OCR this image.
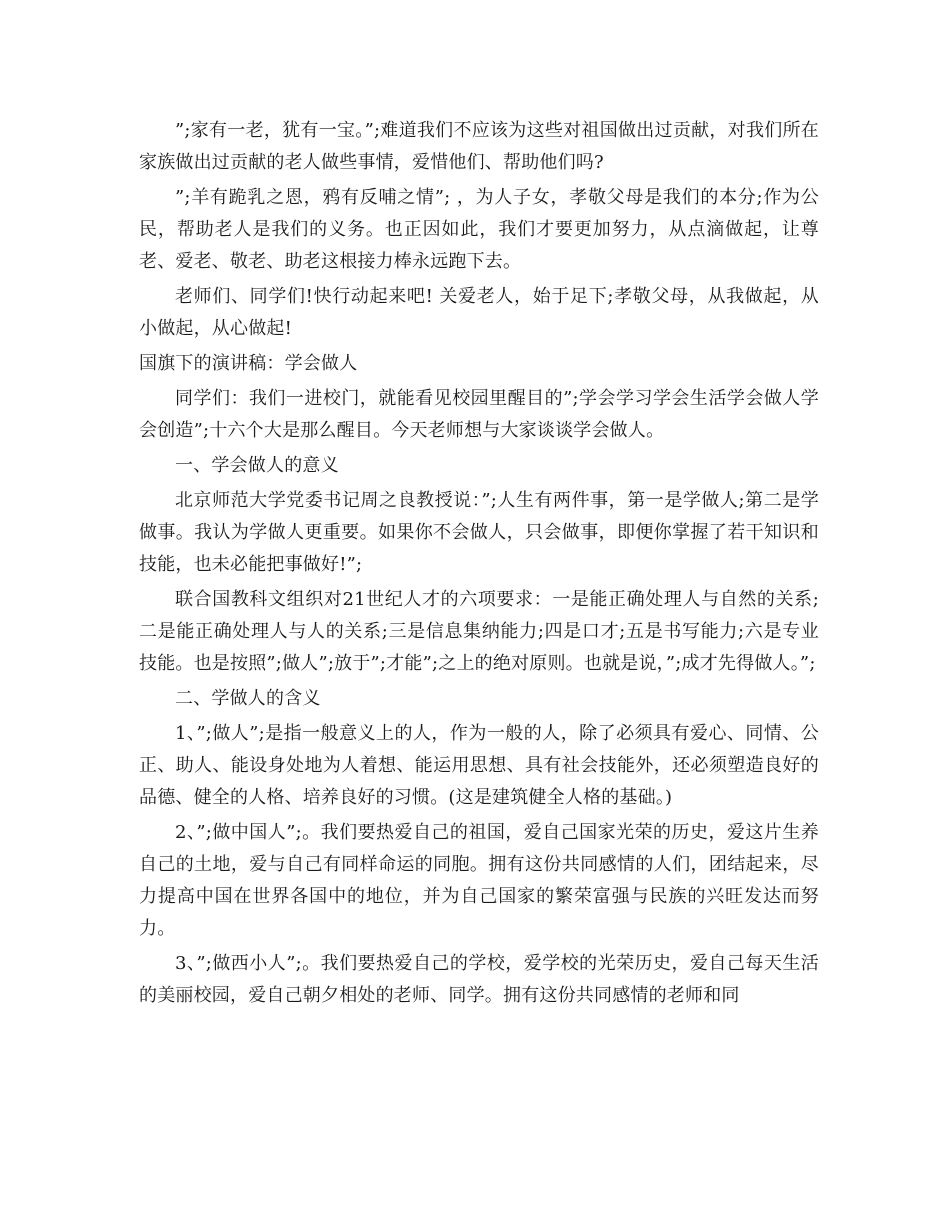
”;家有一老，犹有一宝。”;难道我们不应该为这些对祖国做出过贡献，对我们所在家族做出过贡献的老人做些事情，爱惜他们、帮助他们吗?

”;羊有跪乳之恩，鸦有反哺之情”; ，为人子女，孝敬父母是我们的本分;作为公民，帮助老人是我们的义务。也正因如此，我们才要更加努力，从点滴做起，让尊老、爱老、敬老、助老这根接力棒永远跑下去。

老师们、同学们!快行动起来吧! 关爱老人，始于足下;孝敬父母，从我做起，从小做起，从心做起!

国旗下的演讲稿：学会做人

同学们：我们一进校门，就能看见校园里醒目的”;学会学习学会生活学会做人学会创造”;十六个大是那么醒目。今天老师想与大家谈谈学会做人。

一、学会做人的意义

北京师范大学党委书记周之良教授说：”;人生有两件事，第一是学做人;第二是学做事。我认为学做人更重要。如果你不会做人，只会做事，即便你掌握了若干知识和技能，也未必能把事做好!”;

联合国教科文组织对21世纪人才的六项要求：一是能正确处理人与自然的关系;二是能正确处理人与人的关系;三是信息集纳能力;四是口才;五是书写能力;六是专业技能。也是按照”;做人”;放于”;才能”;之上的绝对原则。也就是说，”;成才先得做人。”;

二、学做人的含义

1、”;做人”;是指一般意义上的人，作为一般的人，除了必须具有爱心、同情、公正、助人、能设身处地为人着想、能运用思想、具有社会技能外，还必须塑造良好的品德、健全的人格、培养良好的习惯。(这是建筑健全人格的基础。)

2、”;做中国人”;。我们要热爱自己的祖国，爱自己国家光荣的历史，爱这片生养自己的土地，爱与自己有同样命运的同胞。拥有这份共同感情的人们，团结起来，尽力提高中国在世界各国中的地位，并为自己国家的繁荣富强与民族的兴旺发达而努力。

3、”;做西小人”;。我们要热爱自己的学校，爱学校的光荣历史，爱自己每天生活的美丽校园，爱自己朝夕相处的老师、同学。拥有这份共同感情的老师和同
